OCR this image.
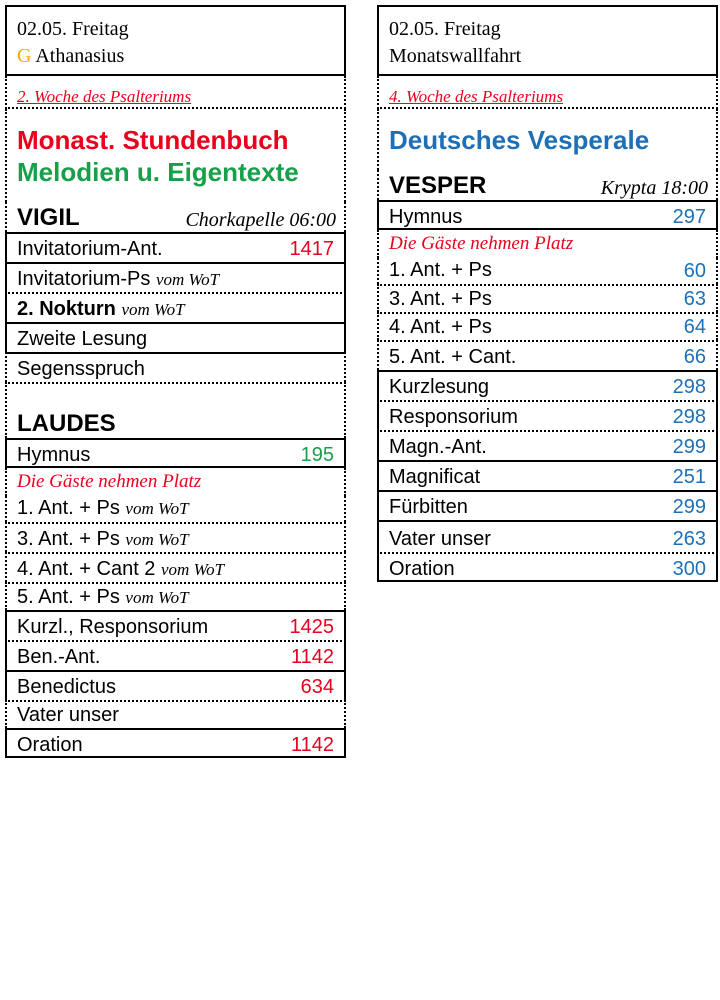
02.05. Freitag
G Athanasius
2. Woche des Psalteriums
Monast. Stundenbuch
Melodien u. Eigentexte
VIGIL	Chorkapelle 06:00
Invitatorium-Ant.	1417
Invitatorium-Ps vom WoT
2. Nokturn vom WoT
Zweite Lesung
Segensspruch
LAUDES
Hymnus	195
Die Gäste nehmen Platz
1. Ant. + Ps vom WoT
3. Ant. + Ps vom WoT
4. Ant. + Cant 2 vom WoT
5. Ant. + Ps vom WoT
Kurzl., Responsorium	1425
Ben.-Ant.	1142
Benedictus	634
Vater unser
Oration	1142
02.05. Freitag
Monatswallfahrt
4. Woche des Psalteriums
Deutsches Vesperale
VESPER	Krypta 18:00
Hymnus	297
Die Gäste nehmen Platz
1. Ant. + Ps	60
3. Ant. + Ps	63
4. Ant. + Ps	64
5. Ant. + Cant.	66
Kurzlesung	298
Responsorium	298
Magn.-Ant.	299
Magnificat	251
Fürbitten	299
Vater unser	263
Oration	300
